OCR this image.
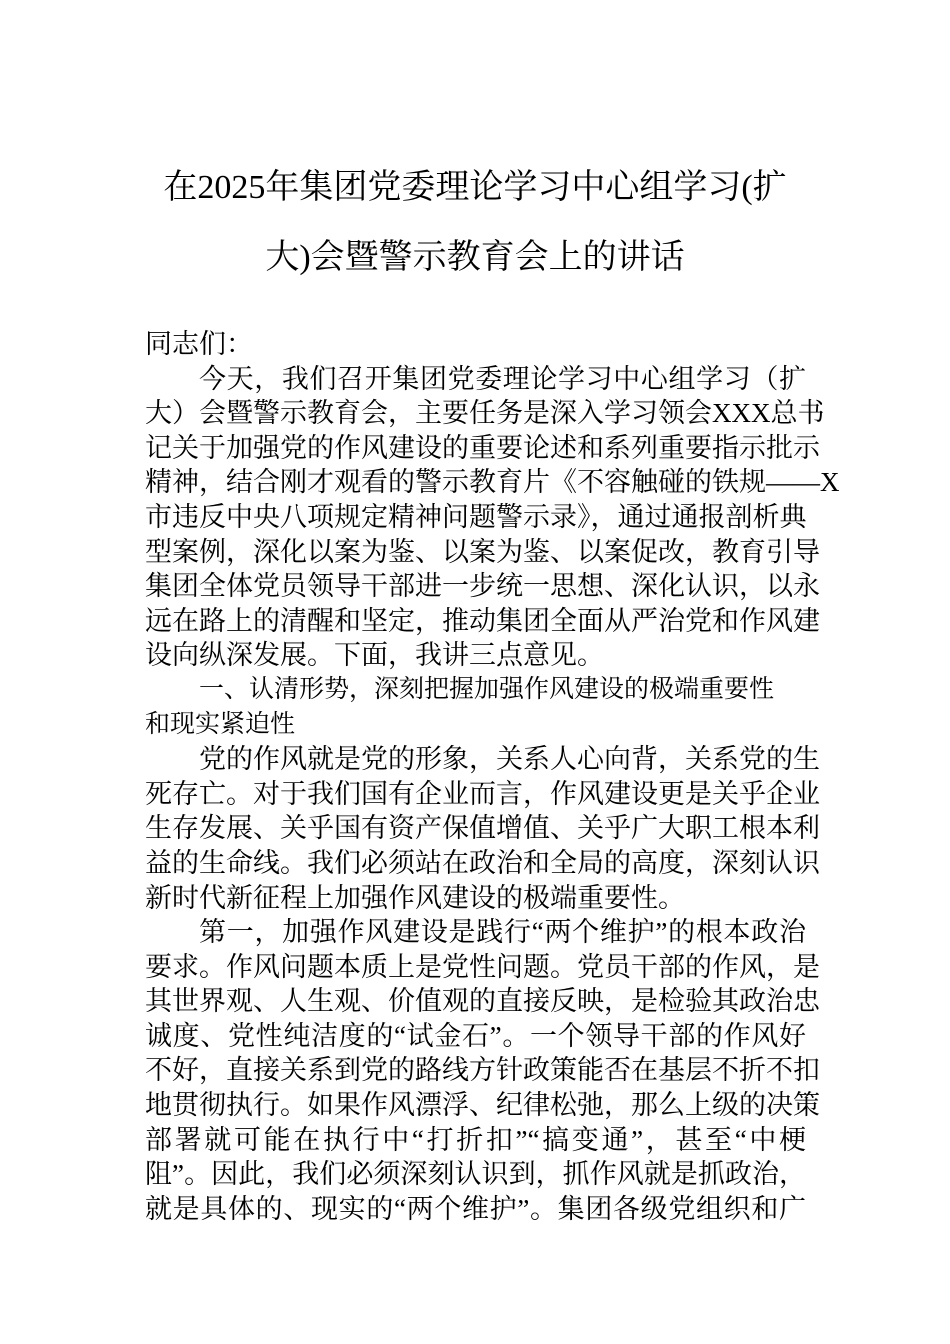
在2025年集团党委理论学习中心组学习(扩
大)会暨警示教育会上的讲话
同志们：
今天，我们召开集团党委理论学习中心组学习（扩
大）会暨警示教育会，主要任务是深入学习领会XXX总书
记关于加强党的作风建设的重要论述和系列重要指示批示
精神，结合刚才观看的警示教育片《不容触碰的铁规——X
市违反中央八项规定精神问题警示录》，通过通报剖析典
型案例，深化以案为鉴、以案为鉴、以案促改，教育引导
集团全体党员领导干部进一步统一思想、深化认识，以永
远在路上的清醒和坚定，推动集团全面从严治党和作风建
设向纵深发展。下面，我讲三点意见。
一、认清形势，深刻把握加强作风建设的极端重要性
和现实紧迫性
党的作风就是党的形象，关系人心向背，关系党的生
死存亡。对于我们国有企业而言，作风建设更是关乎企业
生存发展、关乎国有资产保值增值、关乎广大职工根本利
益的生命线。我们必须站在政治和全局的高度，深刻认识
新时代新征程上加强作风建设的极端重要性。
第一，加强作风建设是践行“两个维护”的根本政治
要求。作风问题本质上是党性问题。党员干部的作风，是
其世界观、人生观、价值观的直接反映，是检验其政治忠
诚度、党性纯洁度的“试金石”。一个领导干部的作风好
不好，直接关系到党的路线方针政策能否在基层不折不扣
地贯彻执行。如果作风漂浮、纪律松弛，那么上级的决策
部署就可能在执行中“打折扣”“搞变通”，甚至“中梗
阻”。因此，我们必须深刻认识到，抓作风就是抓政治，
就是具体的、现实的“两个维护”。集团各级党组织和广
